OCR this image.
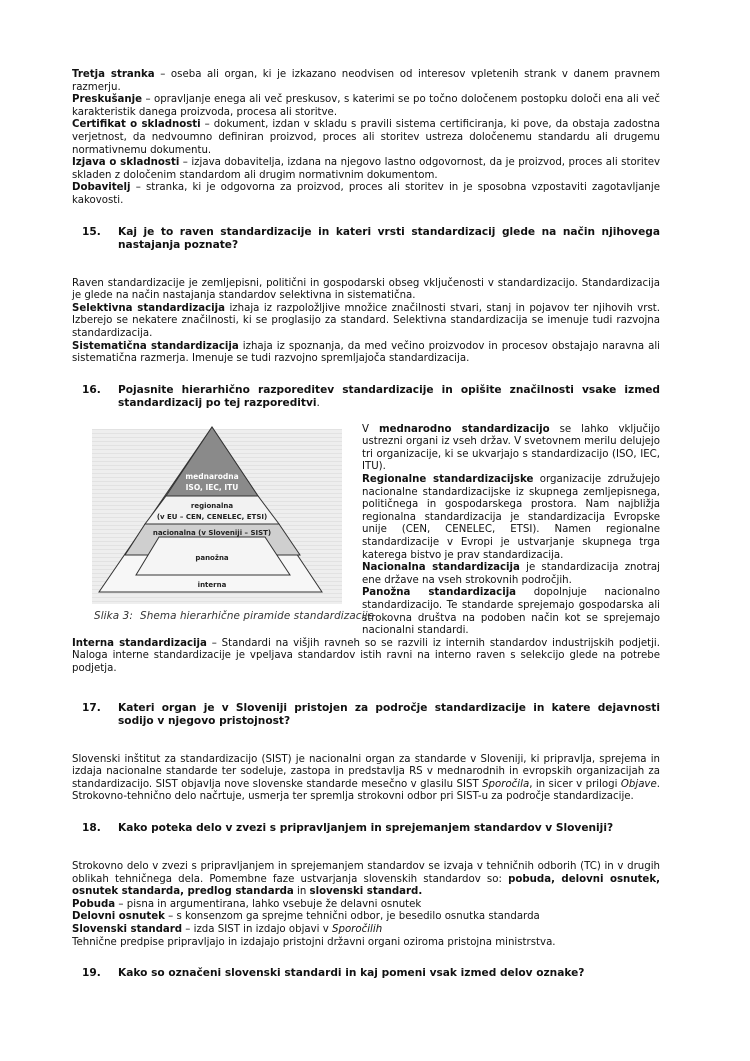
Tretja stranka – oseba ali organ, ki je izkazano neodvisen od interesov vpletenih strank v danem pravnem razmerju.

Preskušanje – opravljanje enega ali več preskusov, s katerimi se po točno določenem postopku določi ena ali več karakteristik danega proizvoda, procesa ali storitve.

Certifikat o skladnosti – dokument, izdan v skladu s pravili sistema certificiranja, ki pove, da obstaja zadostna verjetnost, da nedvoumno definiran proizvod, proces ali storitev ustreza določenemu standardu ali drugemu normativnemu dokumentu.

Izjava o skladnosti – izjava dobavitelja, izdana na njegovo lastno odgovornost, da je proizvod, proces ali storitev skladen z določenim standardom ali drugim normativnim dokumentom.

Dobavitelj – stranka, ki je odgovorna za proizvod, proces ali storitev in je sposobna vzpostaviti zagotavljanje kakovosti.

15.	Kaj je to raven standardizacije in kateri vrsti standardizacij glede na način njihovega nastajanja poznate?

Raven standardizacije je zemljepisni, politični in gospodarski obseg vključenosti v standardizacijo. Standardizacija je glede na način nastajanja standardov selektivna in sistematična.

Selektivna standardizacija izhaja iz razpoložljive množice značilnosti stvari, stanj in pojavov ter njihovih vrst. Izberejo se nekatere značilnosti, ki se proglasijo za standard. Selektivna standardizacija se imenuje tudi razvojna standardizacija.

Sistematična standardizacija izhaja iz spoznanja, da med večino proizvodov in procesov obstajajo naravna ali sistematična razmerja. Imenuje se tudi razvojno spremljajoča standardizacija.

16.	Pojasnite hierarhično razporeditev standardizacije in opišite značilnosti vsake izmed standardizacij po tej razporeditvi.
mednarodna
ISO, IEC, ITU
regionalna
(v EU – CEN, CENELEC, ETSI)
nacionalna (v Sloveniji – SIST)
panožna
interna
Slika 3: Shema hierarhične piramide standardizacije

V mednarodno standardizacijo se lahko vključijo ustrezni organi iz vseh držav. V svetovnem merilu delujejo tri organizacije, ki se ukvarjajo s standardizacijo (ISO, IEC, ITU).

Regionalne standardizacijske organizacije združujejo nacionalne standardizacijske iz skupnega zemljepisnega, političnega in gospodarskega prostora. Nam najbližja regionalna standardizacija je standardizacija Evropske unije (CEN, CENELEC, ETSI). Namen regionalne standardizacije v Evropi je ustvarjanje skupnega trga katerega bistvo je prav standardizacija.

Nacionalna standardizacija je standardizacija znotraj ene države na vseh strokovnih področjih.

Panožna standardizacija dopolnjuje nacionalno standardizacijo. Te standarde sprejemajo gospodarska ali strokovna društva na podoben način kot se sprejemajo nacionalni standardi.

Interna standardizacija – Standardi na višjih ravneh so se razvili iz internih standardov industrijskih podjetji. Naloga interne standardizacije je vpeljava standardov istih ravni na interno raven s selekcijo glede na potrebe podjetja.

17.	Kateri organ je v Sloveniji pristojen za področje standardizacije in katere dejavnosti sodijo v njegovo pristojnost?

Slovenski inštitut za standardizacijo (SIST) je nacionalni organ za standarde v Sloveniji, ki pripravlja, sprejema in izdaja nacionalne standarde ter sodeluje, zastopa in predstavlja RS v mednarodnih in evropskih organizacijah za standardizacijo. SIST objavlja nove slovenske standarde mesečno v glasilu SIST Sporočila, in sicer v prilogi Objave. Strokovno-tehnično delo načrtuje, usmerja ter spremlja strokovni odbor pri SIST-u za področje standardizacije.

18.	Kako poteka delo v zvezi s pripravljanjem in sprejemanjem standardov v Sloveniji?

Strokovno delo v zvezi s pripravljanjem in sprejemanjem standardov se izvaja v tehničnih odborih (TC) in v drugih oblikah tehničnega dela. Pomembne faze ustvarjanja slovenskih standardov so: pobuda, delovni osnutek, osnutek standarda, predlog standarda in slovenski standard.

Pobuda – pisna in argumentirana, lahko vsebuje že delavni osnutek

Delovni osnutek – s konsenzom ga sprejme tehnični odbor, je besedilo osnutka standarda

Slovenski standard – izda SIST in izdajo objavi v Sporočilih

Tehnične predpise pripravljajo in izdajajo pristojni državni organi oziroma pristojna ministrstva.

19.	Kako so označeni slovenski standardi in kaj pomeni vsak izmed delov oznake?
